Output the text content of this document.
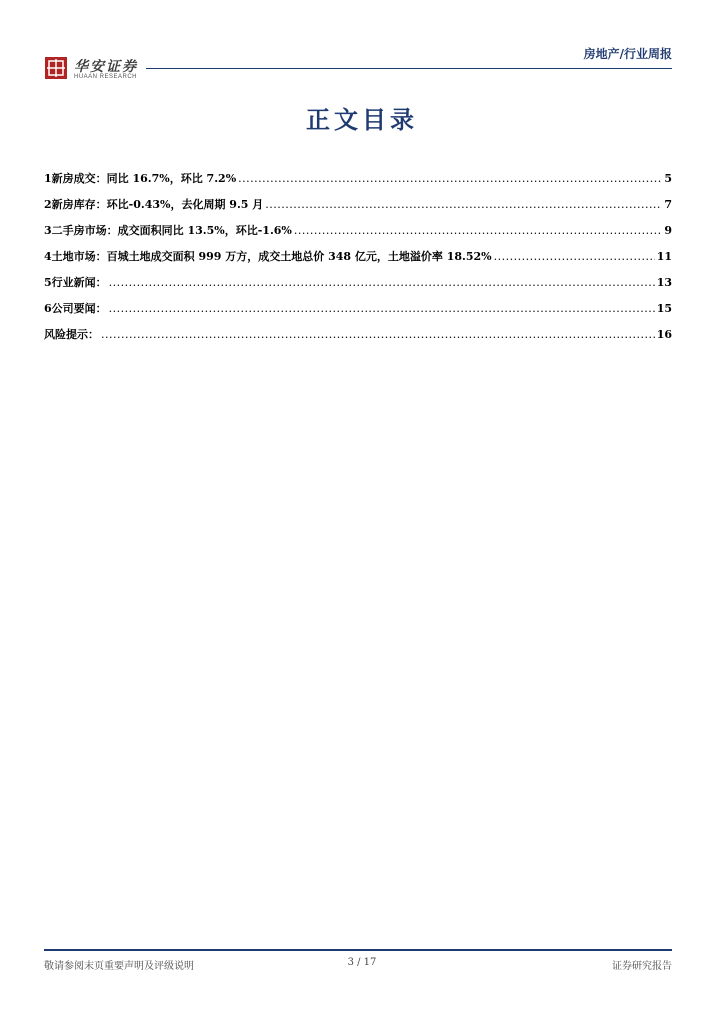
华安证券
HUAAN RESEARCH
房地产/行业周报
正文目录
1 新房成交：同比 16.7%，环比 7.2% .....	5
2 新房库存：环比-0.43%，去化周期 9.5 月 .....	7
3 二手房市场：成交面积同比 13.5%，环比-1.6% .....	9
4 土地市场：百城土地成交面积 999 万方，成交土地总价 348 亿元，土地溢价率 18.52% .....	11
5 行业新闻： .....	13
6 公司要闻： .....	15
风险提示： .....	16
敬请参阅末页重要声明及评级说明	3 / 17	证券研究报告
